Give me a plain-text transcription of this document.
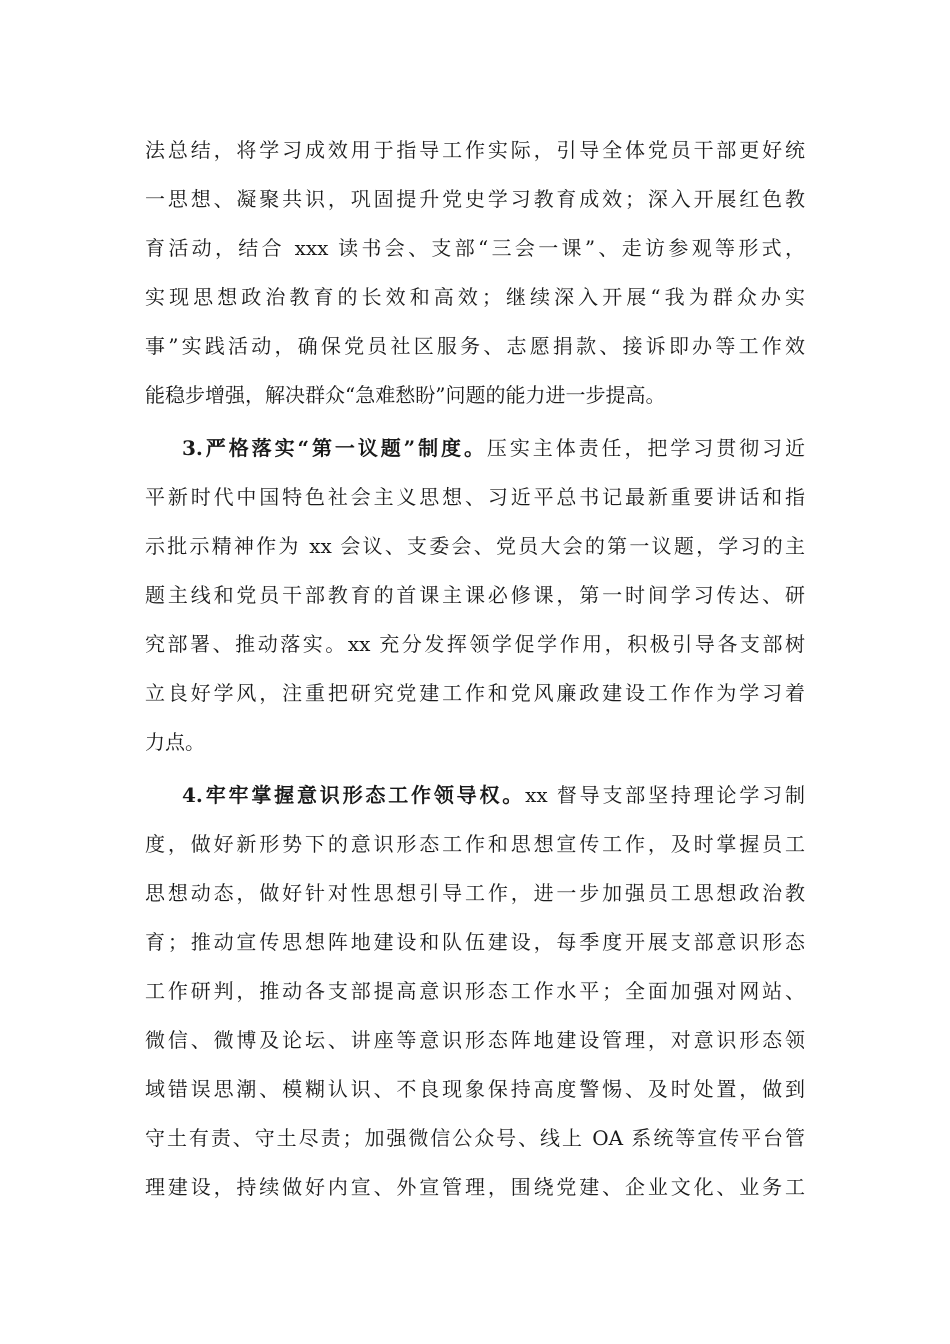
法总结，将学习成效用于指导工作实际，引导全体党员干部更好统
一思想、凝聚共识，巩固提升党史学习教育成效；深入开展红色教
育活动，结合 xxx 读书会、支部“三会一课”、走访参观等形式，
实现思想政治教育的长效和高效；继续深入开展“我为群众办实
事”实践活动，确保党员社区服务、志愿捐款、接诉即办等工作效
能稳步增强，解决群众“急难愁盼”问题的能力进一步提高。
3.严格落实“第一议题”制度。压实主体责任，把学习贯彻习近
平新时代中国特色社会主义思想、习近平总书记最新重要讲话和指
示批示精神作为 xx 会议、支委会、党员大会的第一议题，学习的主
题主线和党员干部教育的首课主课必修课，第一时间学习传达、研
究部署、推动落实。xx 充分发挥领学促学作用，积极引导各支部树
立良好学风，注重把研究党建工作和党风廉政建设工作作为学习着
力点。
4.牢牢掌握意识形态工作领导权。xx 督导支部坚持理论学习制
度，做好新形势下的意识形态工作和思想宣传工作，及时掌握员工
思想动态，做好针对性思想引导工作，进一步加强员工思想政治教
育；推动宣传思想阵地建设和队伍建设，每季度开展支部意识形态
工作研判，推动各支部提高意识形态工作水平；全面加强对网站、
微信、微博及论坛、讲座等意识形态阵地建设管理，对意识形态领
域错误思潮、模糊认识、不良现象保持高度警惕、及时处置，做到
守土有责、守土尽责；加强微信公众号、线上 OA 系统等宣传平台管
理建设，持续做好内宣、外宣管理，围绕党建、企业文化、业务工
